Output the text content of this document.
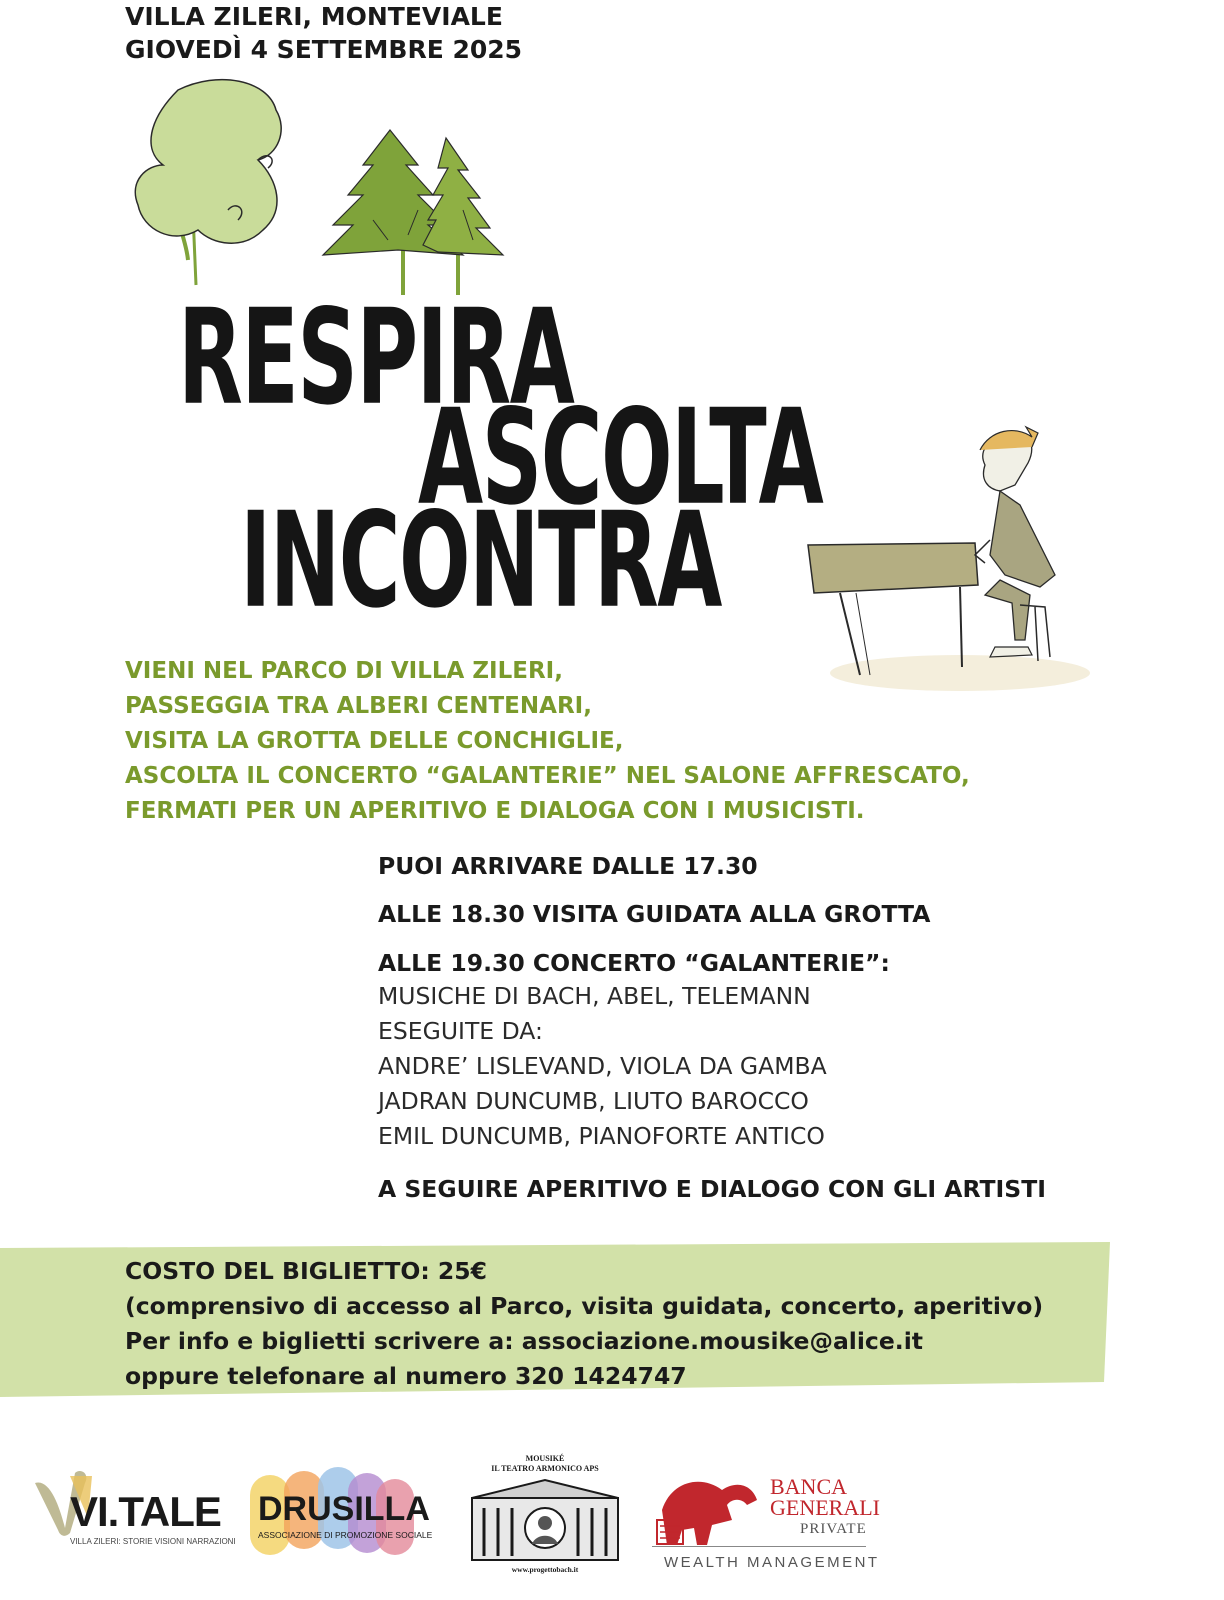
VILLA ZILERI, MONTEVIALE
GIOVEDÌ 4 SETTEMBRE 2025
RESPIRA
ASCOLTA
INCONTRA
VIENI NEL PARCO DI VILLA ZILERI,
PASSEGGIA TRA ALBERI CENTENARI,
VISITA LA GROTTA DELLE CONCHIGLIE,
ASCOLTA IL CONCERTO “GALANTERIE” NEL SALONE AFFRESCATO,
FERMATI PER UN APERITIVO E DIALOGA CON I MUSICISTI.
PUOI ARRIVARE DALLE 17.30
ALLE 18.30 VISITA GUIDATA ALLA GROTTA
ALLE 19.30 CONCERTO “GALANTERIE”:
MUSICHE DI BACH, ABEL, TELEMANN
ESEGUITE DA:
ANDRE’ LISLEVAND, VIOLA DA GAMBA
JADRAN DUNCUMB, LIUTO BAROCCO
EMIL DUNCUMB, PIANOFORTE ANTICO
A SEGUIRE APERITIVO E DIALOGO CON GLI ARTISTI
COSTO DEL BIGLIETTO: 25€
(comprensivo di accesso al Parco, visita guidata, concerto, aperitivo)
Per info e biglietti scrivere a: associazione.mousike@alice.it
oppure telefonare al numero 320 1424747
VI.TALE
VILLA ZILERI: STORIE VISIONI NARRAZIONI
DRUSILLA
ASSOCIAZIONE DI PROMOZIONE SOCIALE
MOUSIKÉ
IL TEATRO ARMONICO APS
www.progettobach.it
BANCA
GENERALI
PRIVATE
WEALTH MANAGEMENT
